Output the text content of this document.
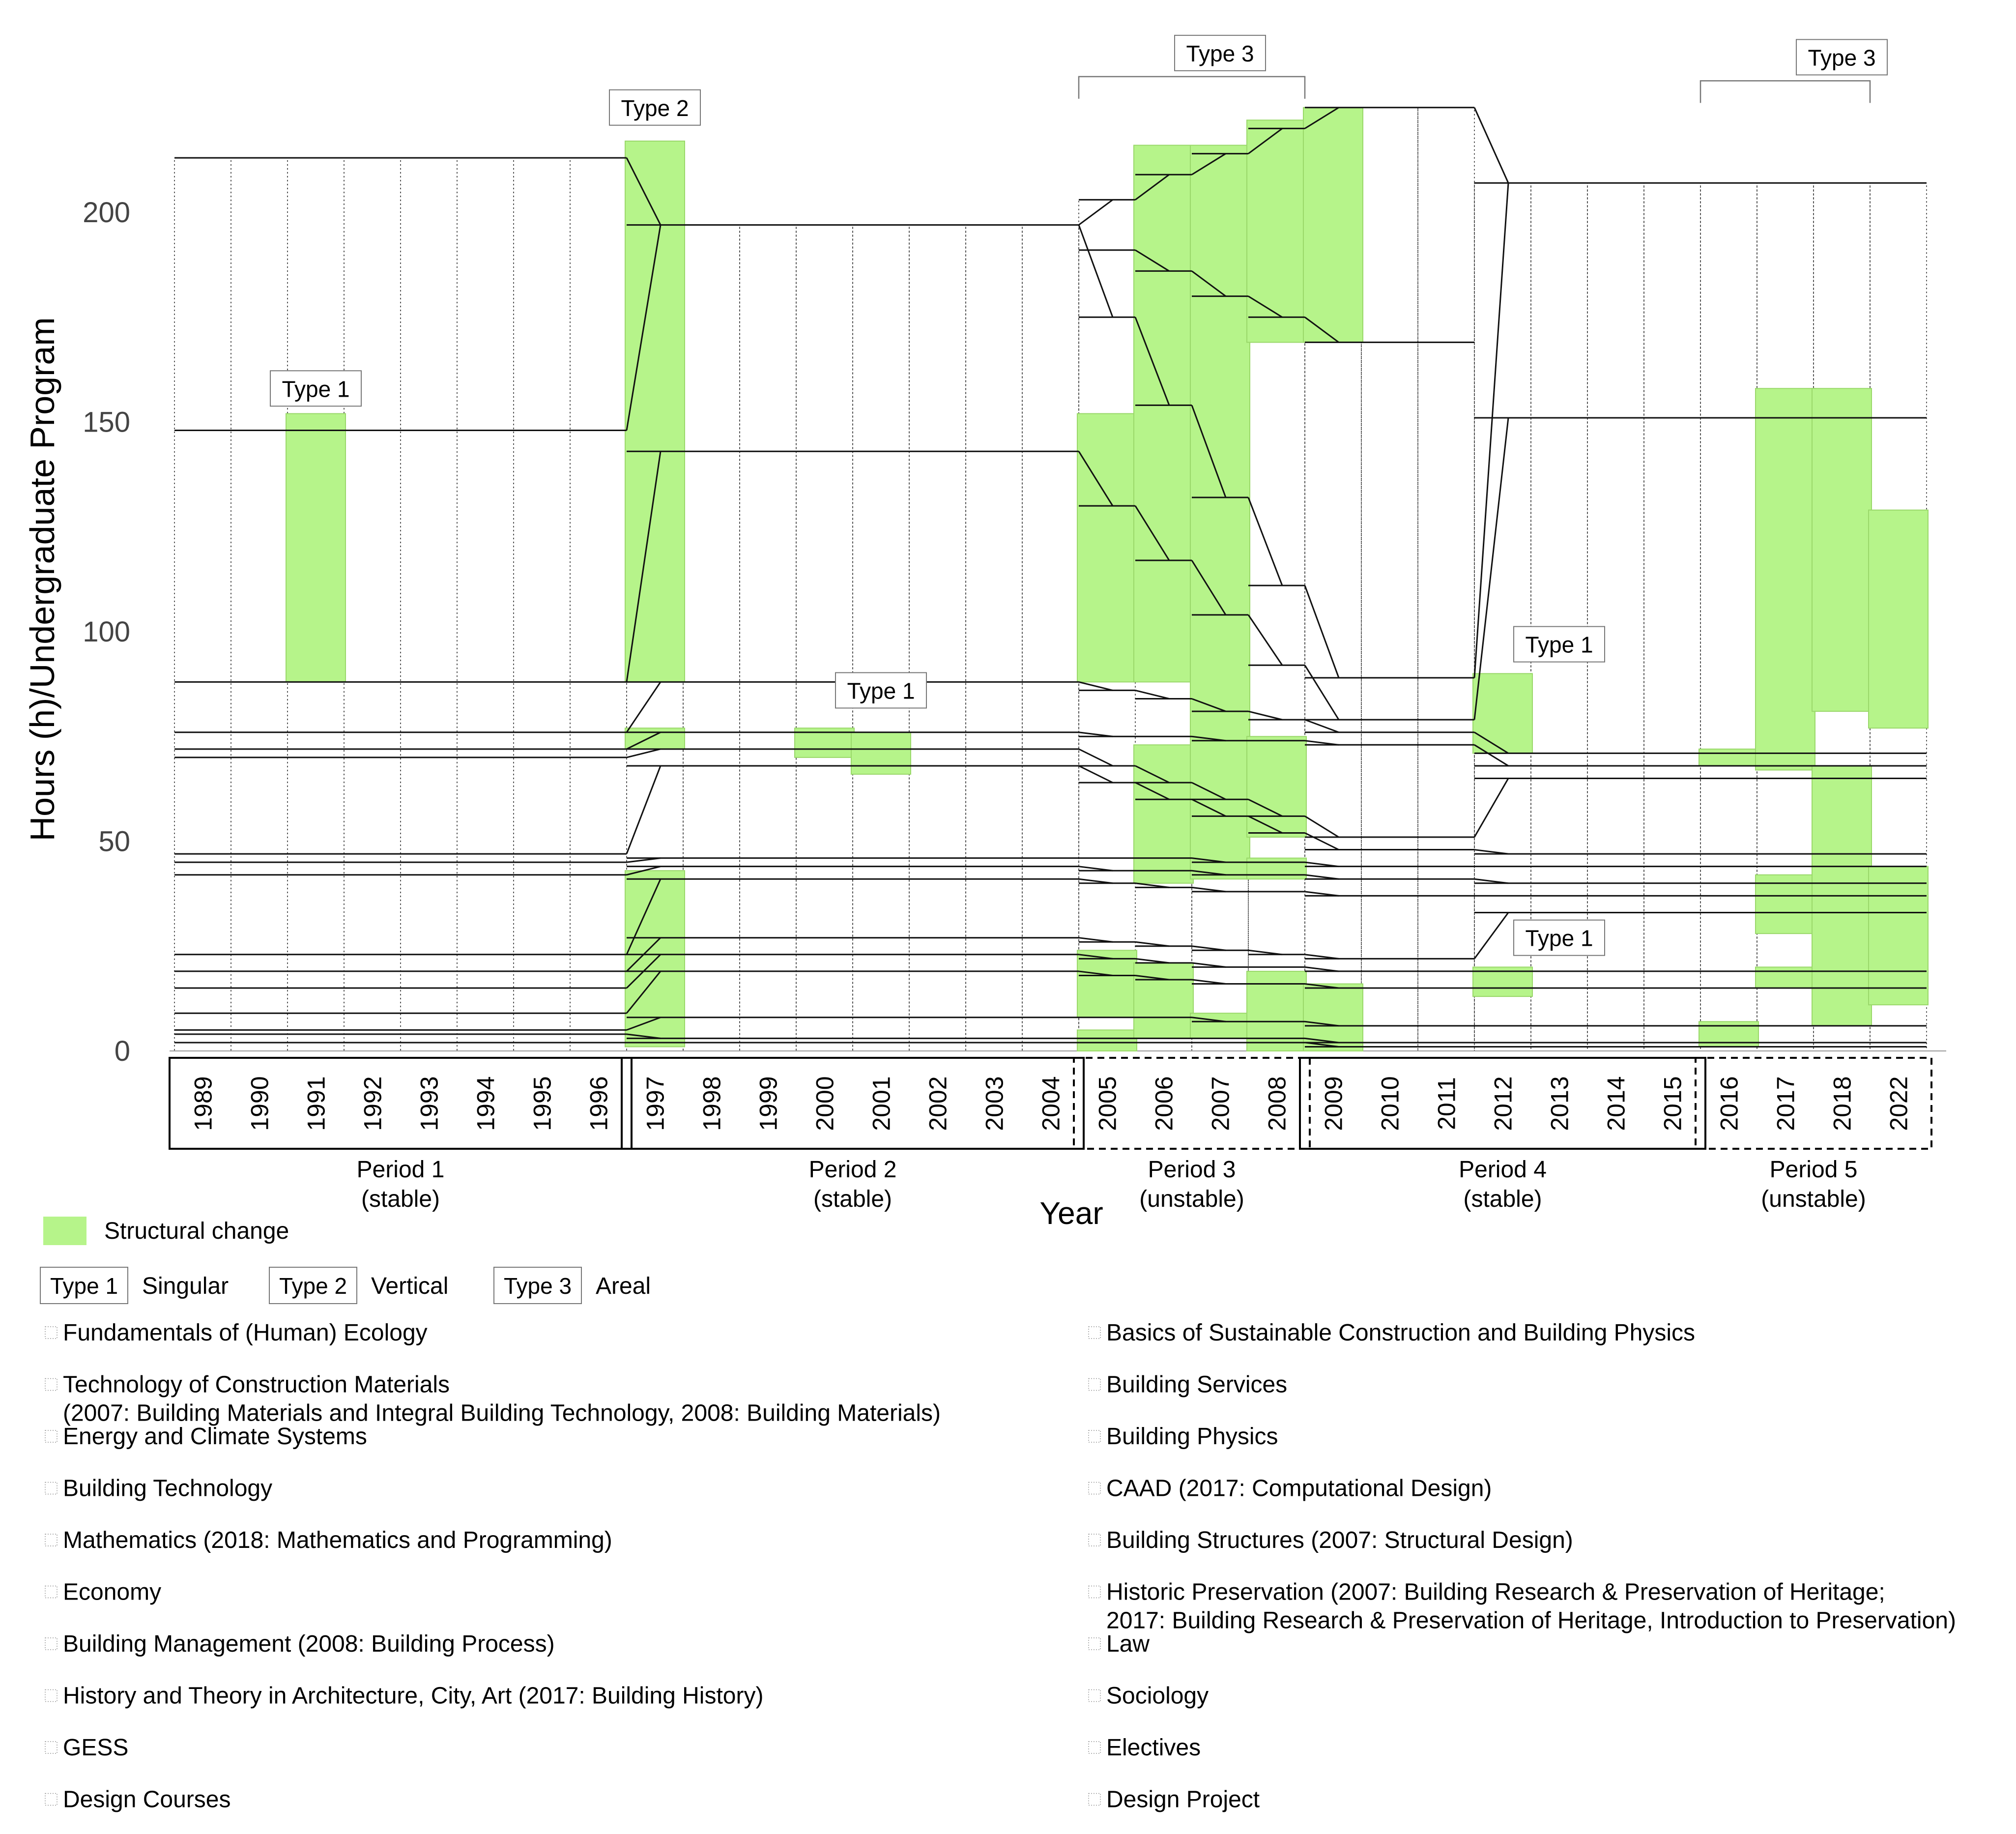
0
50
100
150
200
Hours (h)/Undergraduate Program
Period 1
(stable)
Period 2
(stable)
Period 3
(unstable)
Period 4
(stable)
Period 5
(unstable)
1989 1990 1991 1992 1993 1994 1995 1996 1997 1998 1999 2000 2001 2002 2003 2004 2005 2006 2007 2008 2009 2010 2011 2012 2013 2014 2015 2016 2017 2018 2022
Year
Type 1
Type 2
Type 1
Type 3
Type 1
Type 1
Type 3
Structural change
Type 1 Singular Type 2 Vertical Type 3 Areal
Fundamentals of (Human) Ecology
Technology of Construction Materials
(2007: Building Materials and Integral Building Technology, 2008: Building Materials)
Energy and Climate Systems
Building Technology
Mathematics (2018: Mathematics and Programming)
Economy
Building Management (2008: Building Process)
History and Theory in Architecture, City, Art (2017: Building History)
GESS
Design Courses
Basics of Sustainable Construction and Building Physics
Building Services
Building Physics
CAAD (2017: Computational Design)
Building Structures (2007: Structural Design)
Historic Preservation (2007: Building Research & Preservation of Heritage;
2017: Building Research & Preservation of Heritage, Introduction to Preservation)
Law
Sociology
Electives
Design Project
